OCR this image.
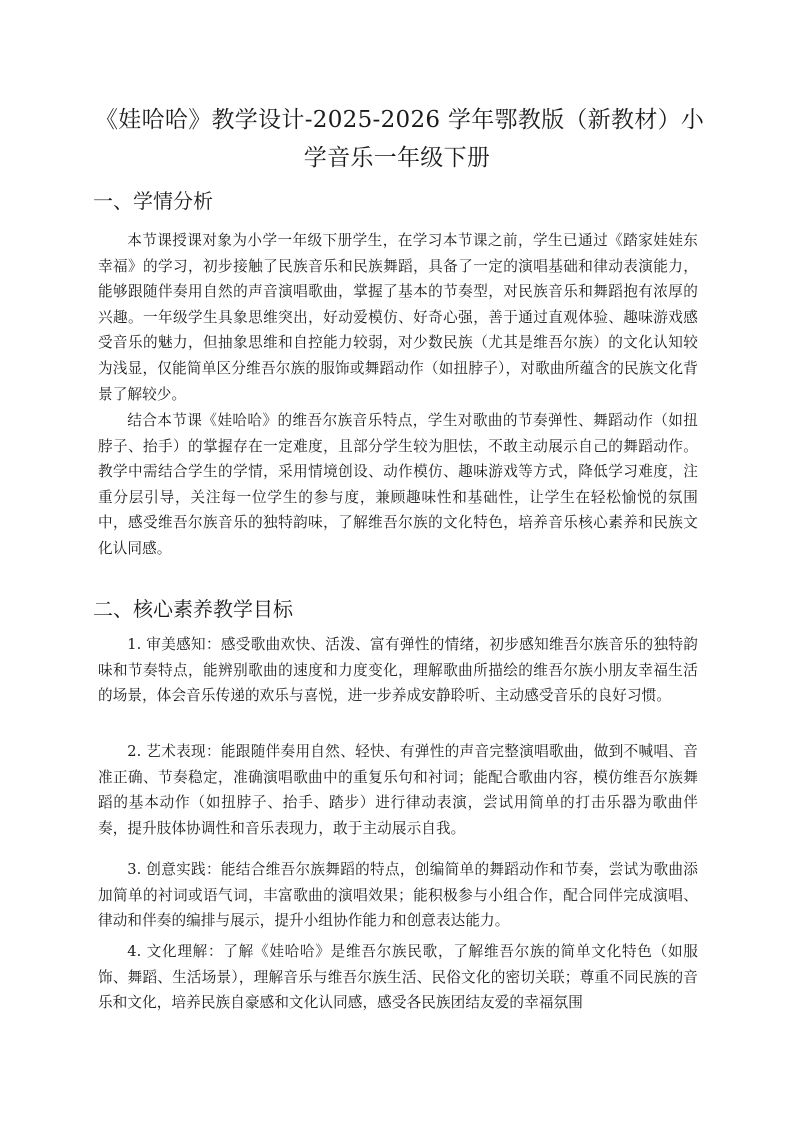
《娃哈哈》教学设计-2025-2026 学年鄂教版（新教材）小
学音乐一年级下册
一、学情分析

本节课授课对象为小学一年级下册学生，在学习本节课之前，学生已通过《踏家娃娃东幸福》的学习，初步接触了民族音乐和民族舞蹈，具备了一定的演唱基础和律动表演能力，能够跟随伴奏用自然的声音演唱歌曲，掌握了基本的节奏型，对民族音乐和舞蹈抱有浓厚的兴趣。一年级学生具象思维突出，好动爱模仿、好奇心强，善于通过直观体验、趣味游戏感受音乐的魅力，但抽象思维和自控能力较弱，对少数民族（尤其是维吾尔族）的文化认知较为浅显，仅能简单区分维吾尔族的服饰或舞蹈动作（如扭脖子），对歌曲所蕴含的民族文化背景了解较少。

结合本节课《娃哈哈》的维吾尔族音乐特点，学生对歌曲的节奏弹性、舞蹈动作（如扭脖子、抬手）的掌握存在一定难度，且部分学生较为胆怯，不敢主动展示自己的舞蹈动作。教学中需结合学生的学情，采用情境创设、动作模仿、趣味游戏等方式，降低学习难度，注重分层引导，关注每一位学生的参与度，兼顾趣味性和基础性，让学生在轻松愉悦的氛围中，感受维吾尔族音乐的独特韵味，了解维吾尔族的文化特色，培养音乐核心素养和民族文化认同感。

二、核心素养教学目标

1. 审美感知：感受歌曲欢快、活泼、富有弹性的情绪，初步感知维吾尔族音乐的独特韵味和节奏特点，能辨别歌曲的速度和力度变化，理解歌曲所描绘的维吾尔族小朋友幸福生活的场景，体会音乐传递的欢乐与喜悦，进一步养成安静聆听、主动感受音乐的良好习惯。

2. 艺术表现：能跟随伴奏用自然、轻快、有弹性的声音完整演唱歌曲，做到不喊唱、音准正确、节奏稳定，准确演唱歌曲中的重复乐句和衬词；能配合歌曲内容，模仿维吾尔族舞蹈的基本动作（如扭脖子、抬手、踏步）进行律动表演，尝试用简单的打击乐器为歌曲伴奏，提升肢体协调性和音乐表现力，敢于主动展示自我。

3. 创意实践：能结合维吾尔族舞蹈的特点，创编简单的舞蹈动作和节奏，尝试为歌曲添加简单的衬词或语气词，丰富歌曲的演唱效果；能积极参与小组合作，配合同伴完成演唱、律动和伴奏的编排与展示，提升小组协作能力和创意表达能力。

4. 文化理解：了解《娃哈哈》是维吾尔族民歌，了解维吾尔族的简单文化特色（如服饰、舞蹈、生活场景），理解音乐与维吾尔族生活、民俗文化的密切关联；尊重不同民族的音乐和文化，培养民族自豪感和文化认同感，感受各民族团结友爱的幸福氛围
